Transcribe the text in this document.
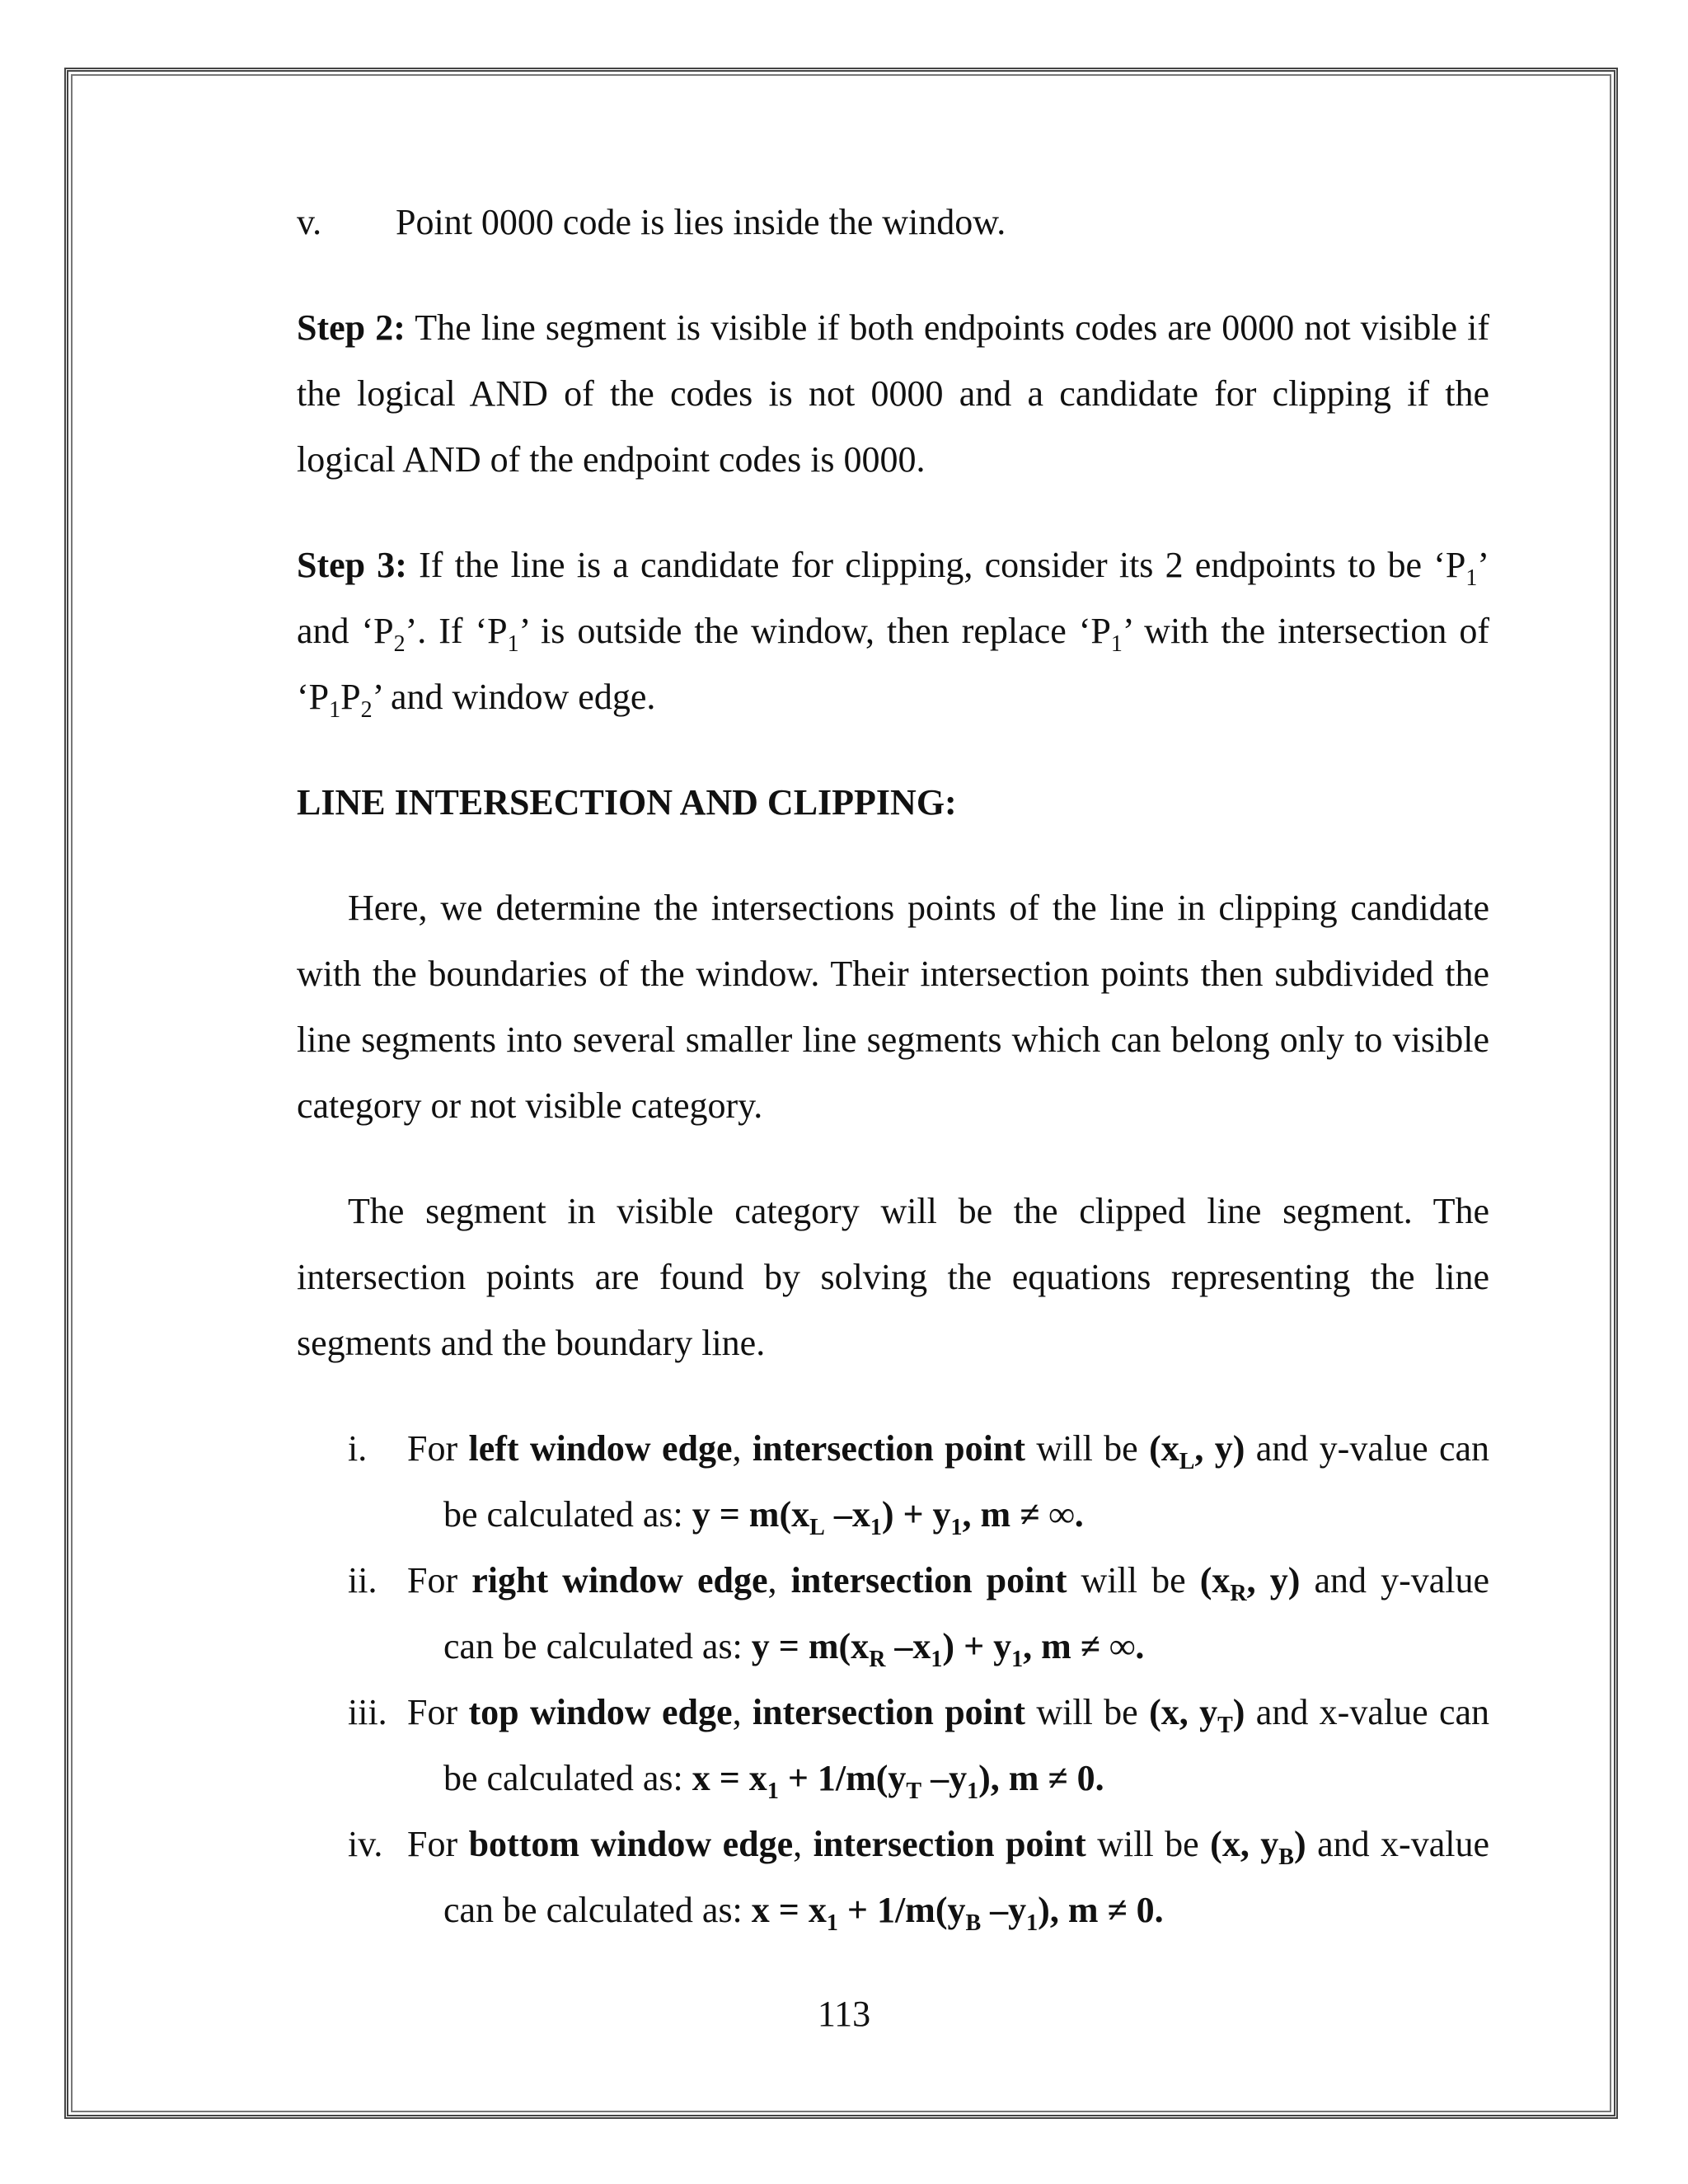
v.	Point 0000 code is lies inside the window.

Step 2: The line segment is visible if both endpoints codes are 0000 not visible if the logical AND of the codes is not 0000 and a candidate for clipping if the logical AND of the endpoint codes is 0000.

Step 3: If the line is a candidate for clipping, consider its 2 endpoints to be ‘$P_1$’ and ‘$P_2$’. If ‘$P_1$’ is outside the window, then replace ‘$P_1$’ with the intersection of ‘$P_1P_2$’ and window edge.

LINE INTERSECTION AND CLIPPING:

Here, we determine the intersections points of the line in clipping candidate with the boundaries of the window. Their intersection points then subdivided the line segments into several smaller line segments which can belong only to visible category or not visible category.

The segment in visible category will be the clipped line segment. The intersection points are found by solving the equations representing the line segments and the boundary line.

i. For left window edge, intersection point will be ($x_L$, y) and y-value can be calculated as: $y = m(x_L$ $-x_1) + y_1$, m ≠ ∞.
ii. For right window edge, intersection point will be ($x_R$, y) and y-value can be calculated as: $y = m(x_R$ $-x_1) + y_1$, m ≠ ∞.
iii. For top window edge, intersection point will be (x, $y_T$) and x-value can be calculated as: $x = x_1 + 1/m(y_T$ $-y_1$), m ≠ 0.
iv. For bottom window edge, intersection point will be (x, $y_B$) and x-value can be calculated as: $x = x_1 + 1/m(y_B$ $-y_1$), m ≠ 0.
113
